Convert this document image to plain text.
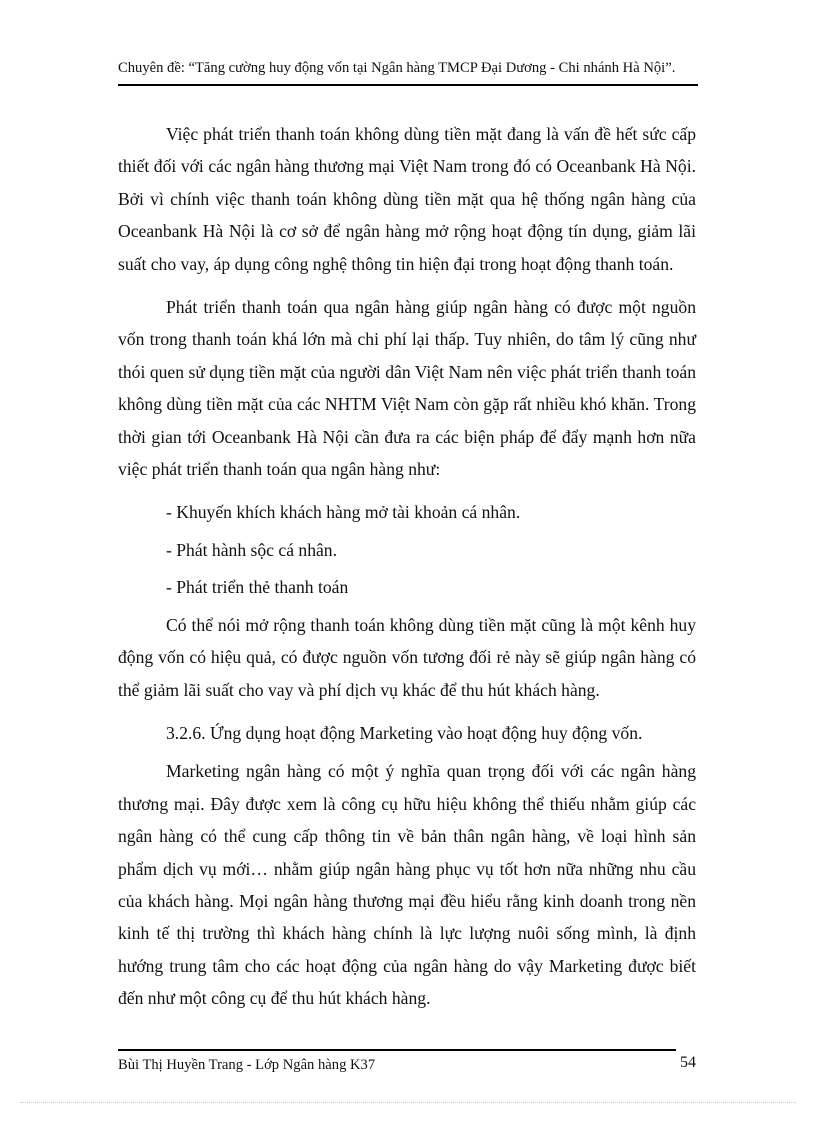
Chuyên đề: “Tăng cường huy động vốn tại Ngân hàng TMCP Đại Dương - Chi nhánh Hà Nội”.

Việc phát triển thanh toán không dùng tiền mặt đang là vấn đề hết sức cấp thiết đối với các ngân hàng thương mại Việt Nam trong đó có Oceanbank Hà Nội. Bởi vì chính việc thanh toán không dùng tiền mặt qua hệ thống ngân hàng của Oceanbank Hà Nội là cơ sở để ngân hàng mở rộng hoạt động tín dụng, giảm lãi suất cho vay, áp dụng công nghệ thông tin hiện đại trong hoạt động thanh toán.

Phát triển thanh toán qua ngân hàng giúp ngân hàng có được một nguồn vốn trong thanh toán khá lớn mà chi phí lại thấp. Tuy nhiên, do tâm lý cũng như thói quen sử dụng tiền mặt của người dân Việt Nam nên việc phát triển thanh toán không dùng tiền mặt của các NHTM Việt Nam còn gặp rất nhiều khó khăn. Trong thời gian tới Oceanbank Hà Nội cần đưa ra các biện pháp để đẩy mạnh hơn nữa việc phát triển thanh toán qua ngân hàng như:

- Khuyến khích khách hàng mở tài khoản cá nhân.

- Phát hành sộc cá nhân.

- Phát triển thẻ thanh toán

Có thể nói mở rộng thanh toán không dùng tiền mặt cũng là một kênh huy động vốn có hiệu quả, có được nguồn vốn tương đối rẻ này sẽ giúp ngân hàng có thể giảm lãi suất cho vay và phí dịch vụ khác để thu hút khách hàng.

3.2.6. Ứng dụng hoạt động Marketing vào hoạt động huy động vốn.

Marketing ngân hàng có một ý nghĩa quan trọng đối với các ngân hàng thương mại. Đây được xem là công cụ hữu hiệu không thể thiếu nhằm giúp các ngân hàng có thể cung cấp thông tin về bản thân ngân hàng, về loại hình sản phẩm dịch vụ mới… nhằm giúp ngân hàng phục vụ tốt hơn nữa những nhu cầu của khách hàng. Mọi ngân hàng thương mại đều hiểu rằng kinh doanh trong nền kinh tế thị trường thì khách hàng chính là lực lượng nuôi sống mình, là định hướng trung tâm cho các hoạt động của ngân hàng do vậy Marketing được biết đến như một công cụ để thu hút khách hàng.

Bùi Thị Huyền Trang - Lớp Ngân hàng K37	54
